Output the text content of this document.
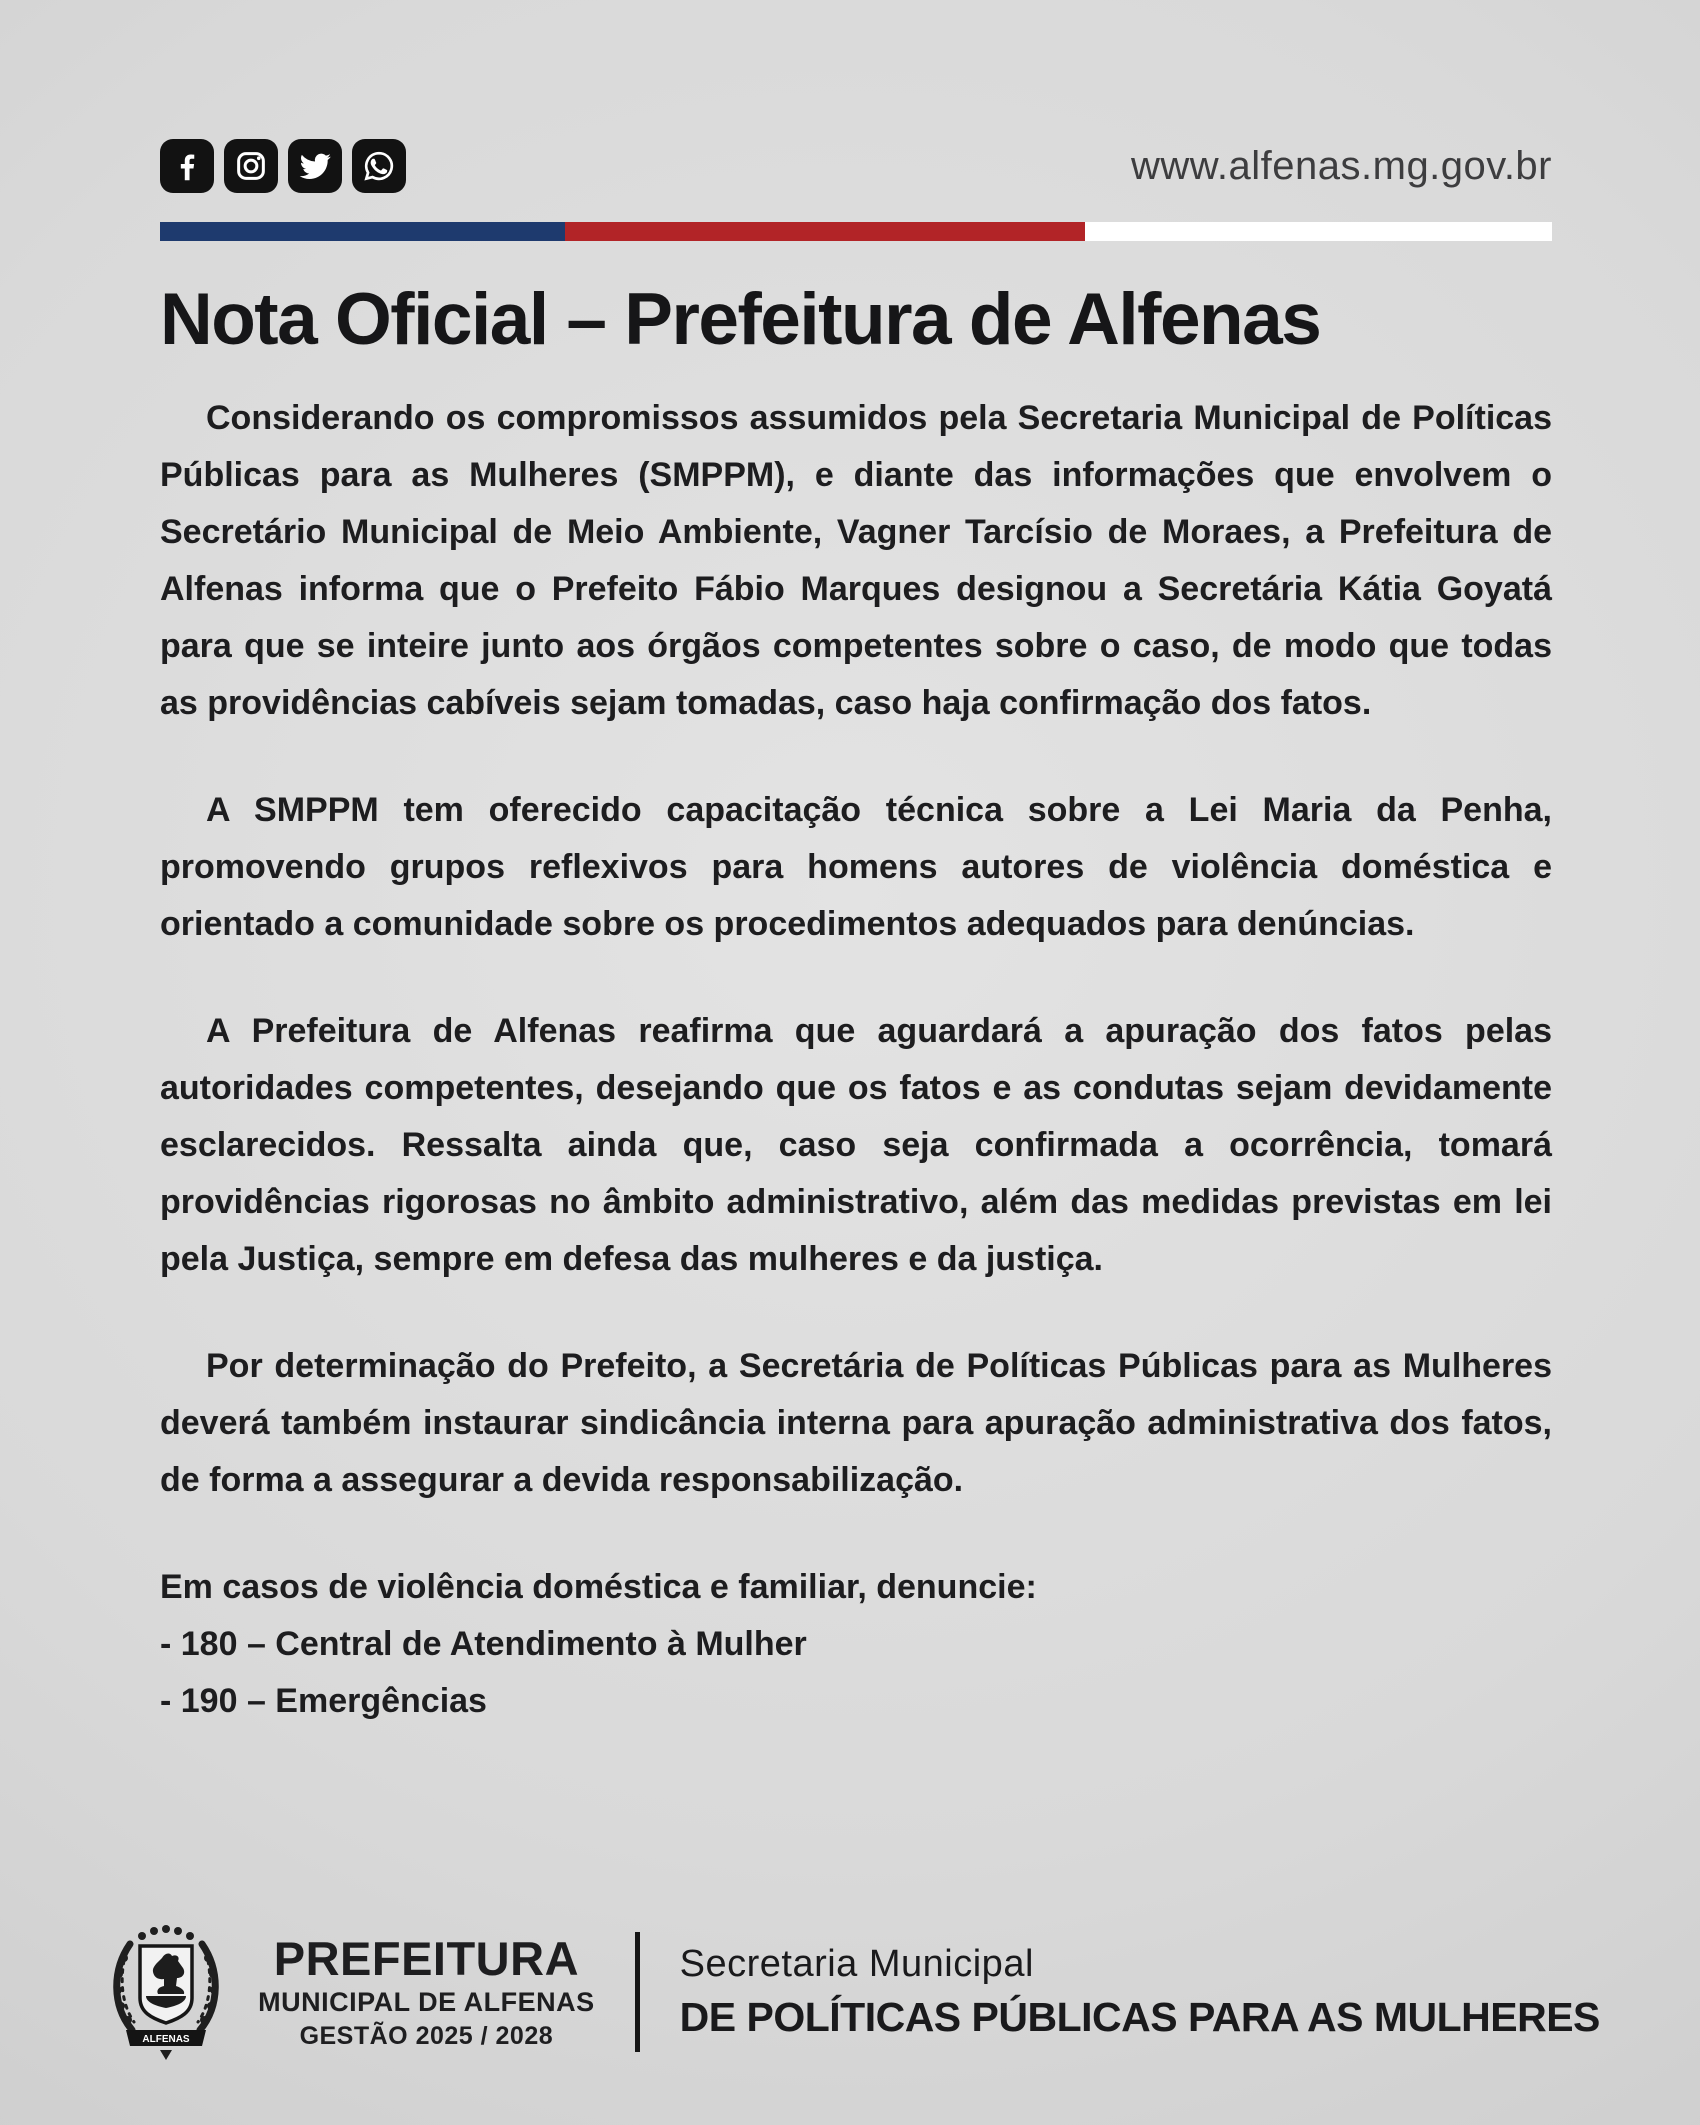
www.alfenas.mg.gov.br
Nota Oficial – Prefeitura de Alfenas

Considerando os compromissos assumidos pela Secretaria Municipal de Políticas Públicas para as Mulheres (SMPPM), e diante das informações que envolvem o Secretário Municipal de Meio Ambiente, Vagner Tarcísio de Moraes, a Prefeitura de Alfenas informa que o Prefeito Fábio Marques designou a Secretária Kátia Goyatá para que se inteire junto aos órgãos competentes sobre o caso, de modo que todas as providências cabíveis sejam tomadas, caso haja confirmação dos fatos.

A SMPPM tem oferecido capacitação técnica sobre a Lei Maria da Penha, promovendo grupos reflexivos para homens autores de violência doméstica e orientado a comunidade sobre os procedimentos adequados para denúncias.

A Prefeitura de Alfenas reafirma que aguardará a apuração dos fatos pelas autoridades competentes, desejando que os fatos e as condutas sejam devidamente esclarecidos. Ressalta ainda que, caso seja confirmada a ocorrência, tomará providências rigorosas no âmbito administrativo, além das medidas previstas em lei pela Justiça, sempre em defesa das mulheres e da justiça.

Por determinação do Prefeito, a Secretária de Políticas Públicas para as Mulheres deverá também instaurar sindicância interna para apuração administrativa dos fatos, de forma a assegurar a devida responsabilização.

Em casos de violência doméstica e familiar, denuncie:

- 180 – Central de Atendimento à Mulher

- 190 – Emergências

ALFENAS
PREFEITURA
MUNICIPAL DE ALFENAS
GESTÃO 2025 / 2028
Secretaria Municipal
DE POLÍTICAS PÚBLICAS PARA AS MULHERES
